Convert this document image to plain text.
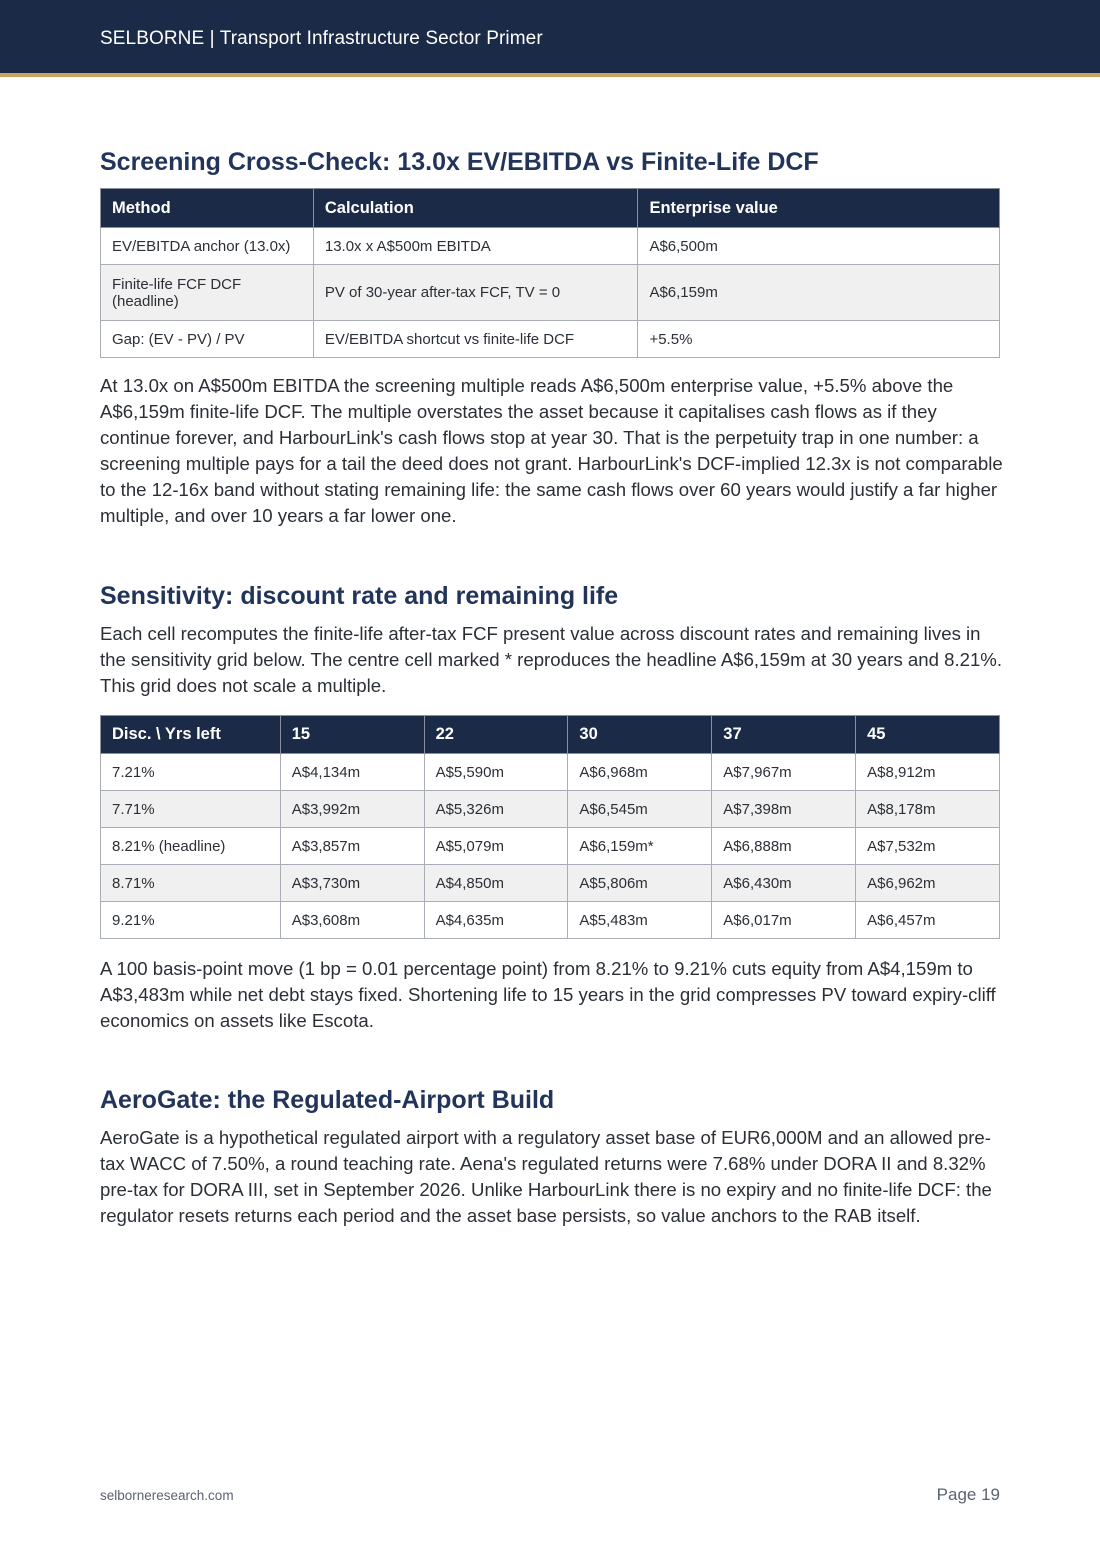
SELBORNE | Transport Infrastructure Sector Primer
Screening Cross-Check: 13.0x EV/EBITDA vs Finite-Life DCF
Method	Calculation	Enterprise value
EV/EBITDA anchor (13.0x)	13.0x x A$500m EBITDA	A$6,500m
Finite-life FCF DCF (headline)	PV of 30-year after-tax FCF, TV = 0	A$6,159m
Gap: (EV - PV) / PV	EV/EBITDA shortcut vs finite-life DCF	+5.5%

At 13.0x on A$500m EBITDA the screening multiple reads A$6,500m enterprise value, +5.5% above the A$6,159m finite-life DCF. The multiple overstates the asset because it capitalises cash flows as if they continue forever, and HarbourLink's cash flows stop at year 30. That is the perpetuity trap in one number: a screening multiple pays for a tail the deed does not grant. HarbourLink's DCF-implied 12.3x is not comparable to the 12-16x band without stating remaining life: the same cash flows over 60 years would justify a far higher multiple, and over 10 years a far lower one.

Sensitivity: discount rate and remaining life

Each cell recomputes the finite-life after-tax FCF present value across discount rates and remaining lives in the sensitivity grid below. The centre cell marked * reproduces the headline A$6,159m at 30 years and 8.21%. This grid does not scale a multiple.

Disc. \ Yrs left	15	22	30	37	45
7.21%	A$4,134m	A$5,590m	A$6,968m	A$7,967m	A$8,912m
7.71%	A$3,992m	A$5,326m	A$6,545m	A$7,398m	A$8,178m
8.21% (headline)	A$3,857m	A$5,079m	A$6,159m*	A$6,888m	A$7,532m
8.71%	A$3,730m	A$4,850m	A$5,806m	A$6,430m	A$6,962m
9.21%	A$3,608m	A$4,635m	A$5,483m	A$6,017m	A$6,457m

A 100 basis-point move (1 bp = 0.01 percentage point) from 8.21% to 9.21% cuts equity from A$4,159m to A$3,483m while net debt stays fixed. Shortening life to 15 years in the grid compresses PV toward expiry-cliff economics on assets like Escota.

AeroGate: the Regulated-Airport Build

AeroGate is a hypothetical regulated airport with a regulatory asset base of EUR6,000M and an allowed pre-tax WACC of 7.50%, a round teaching rate. Aena's regulated returns were 7.68% under DORA II and 8.32% pre-tax for DORA III, set in September 2026. Unlike HarbourLink there is no expiry and no finite-life DCF: the regulator resets returns each period and the asset base persists, so value anchors to the RAB itself.

selborneresearch.com	Page 19
